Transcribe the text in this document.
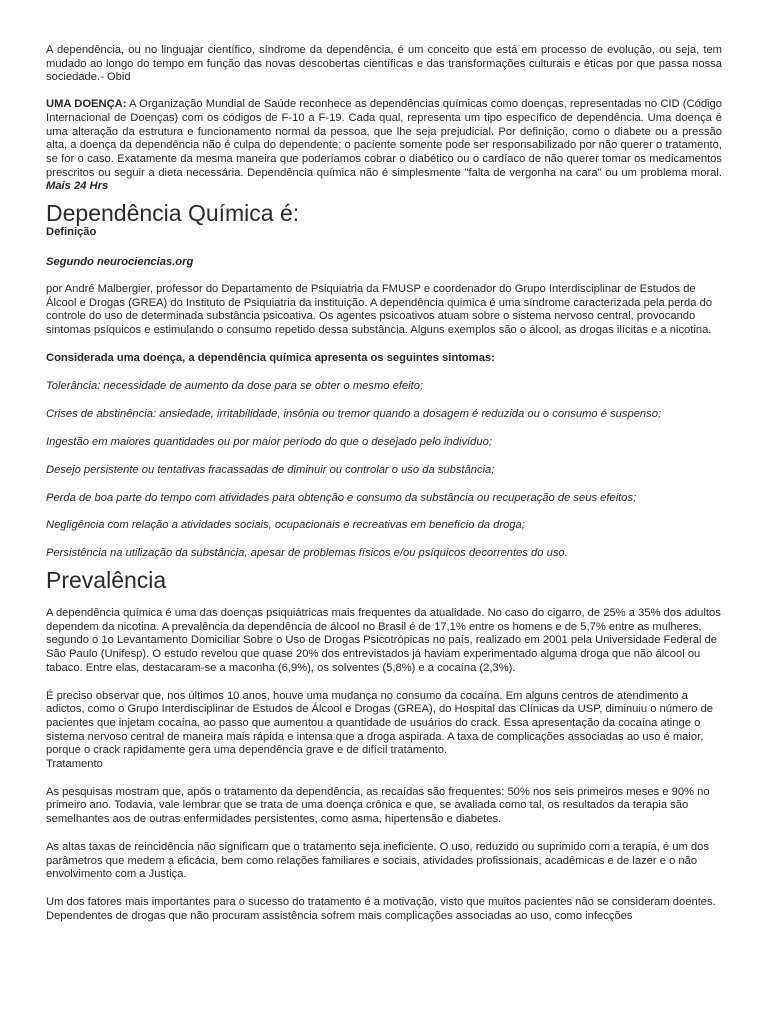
A dependência, ou no linguajar científico, síndrome da dependência, é um conceito que está em processo de evolução, ou seja, tem mudado ao longo do tempo em função das novas descobertas científicas e das transformações culturais e éticas por que passa nossa sociedade.- Obid

UMA DOENÇA: A Organização Mundial de Saúde reconhece as dependências químicas como doenças, representadas no CID (Código Internacional de Doenças) com os códigos de F-10 a F-19. Cada qual, representa um tipo específico de dependência. Uma doença é uma alteração da estrutura e funcionamento normal da pessoa, que lhe seja prejudicial. Por definição, como o diabete ou a pressão alta, a doença da dependência não é culpa do dependente; o paciente somente pode ser responsabilizado por não querer o tratamento, se for o caso. Exatamente da mesma maneira que poderíamos cobrar o diabético ou o cardíaco de não querer tomar os medicamentos prescritos ou seguir a dieta necessária. Dependência química não é simplesmente "falta de vergonha na cara" ou um problema moral. Mais 24 Hrs

Dependência Química é:

Definição

Segundo neurociencias.org

por André Malbergier, professor do Departamento de Psiquiatria da FMUSP e coordenador do Grupo Interdisciplinar de Estudos de Álcool e Drogas (GREA) do Instituto de Psiquiatria da instituição. A dependência química é uma síndrome caracterizada pela perda do controle do uso de determinada substância psicoativa. Os agentes psicoativos atuam sobre o sistema nervoso central, provocando sintomas psíquicos e estimulando o consumo repetido dessa substância. Alguns exemplos são o álcool, as drogas ilícitas e a nicotina.

Considerada uma doença, a dependência química apresenta os seguintes sintomas:

Tolerância: necessidade de aumento da dose para se obter o mesmo efeito;

Crises de abstinência: ansiedade, irritabilidade, insônia ou tremor quando a dosagem é reduzida ou o consumo é suspenso;

Ingestão em maiores quantidades ou por maior período do que o desejado pelo indivíduo;

Desejo persistente ou tentativas fracassadas de diminuir ou controlar o uso da substância;

Perda de boa parte do tempo com atividades para obtenção e consumo da substância ou recuperação de seus efeitos;

Negligência com relação a atividades sociais, ocupacionais e recreativas em benefício da droga;

Persistência na utilização da substância, apesar de problemas físicos e/ou psíquicos decorrentes do uso.

Prevalência

A dependência química é uma das doenças psiquiátricas mais frequentes da atualidade. No caso do cigarro, de 25% a 35% dos adultos dependem da nicotina. A prevalência da dependência de álcool no Brasil é de 17,1% entre os homens e de 5,7% entre as mulheres, segundo o 1o Levantamento Domiciliar Sobre o Uso de Drogas Psicotrópicas no país, realizado em 2001 pela Universidade Federal de São Paulo (Unifesp). O estudo revelou que quase 20% dos entrevistados já haviam experimentado alguma droga que não álcool ou tabaco. Entre elas, destacaram-se a maconha (6,9%), os solventes (5,8%) e a cocaína (2,3%).

É preciso observar que, nos últimos 10 anos, houve uma mudança no consumo da cocaína. Em alguns centros de atendimento a adictos, como o Grupo Interdisciplinar de Estudos de Álcool e Drogas (GREA), do Hospital das Clínicas da USP, diminuiu o número de pacientes que injetam cocaína, ao passo que aumentou a quantidade de usuários do crack. Essa apresentação da cocaína atinge o sistema nervoso central de maneira mais rápida e intensa que a droga aspirada. A taxa de complicações associadas ao uso é maior, porque o crack rapidamente gera uma dependência grave e de difícil tratamento.

Tratamento

As pesquisas mostram que, após o tratamento da dependência, as recaídas são frequentes: 50% nos seis primeiros meses e 90% no primeiro ano. Todavia, vale lembrar que se trata de uma doença crônica e que, se avaliada como tal, os resultados da terapia são semelhantes aos de outras enfermidades persistentes, como asma, hipertensão e diabetes.

As altas taxas de reincidência não significam que o tratamento seja ineficiente. O uso, reduzido ou suprimido com a terapia, é um dos parâmetros que medem a eficácia, bem como relações familiares e sociais, atividades profissionais, acadêmicas e de lazer e o não envolvimento com a Justiça.

Um dos fatores mais importantes para o sucesso do tratamento é a motivação, visto que muitos pacientes não se consideram doentes. Dependentes de drogas que não procuram assistência sofrem mais complicações associadas ao uso, como infecções
